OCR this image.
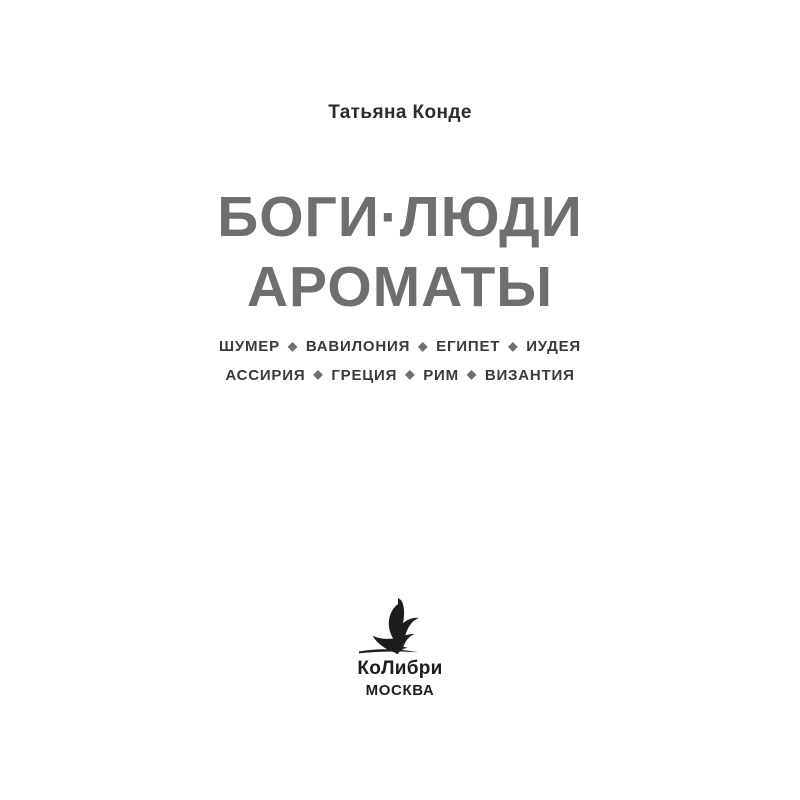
Татьяна Конде
БОГИ·ЛЮДИ
АРОМАТЫ
ШУМЕР ◆ ВАВИЛОНИЯ ◆ ЕГИПЕТ ◆ ИУДЕЯ
АССИРИЯ ◆ ГРЕЦИЯ ◆ РИМ ◆ ВИЗАНТИЯ
КоЛибри
МОСКВА
